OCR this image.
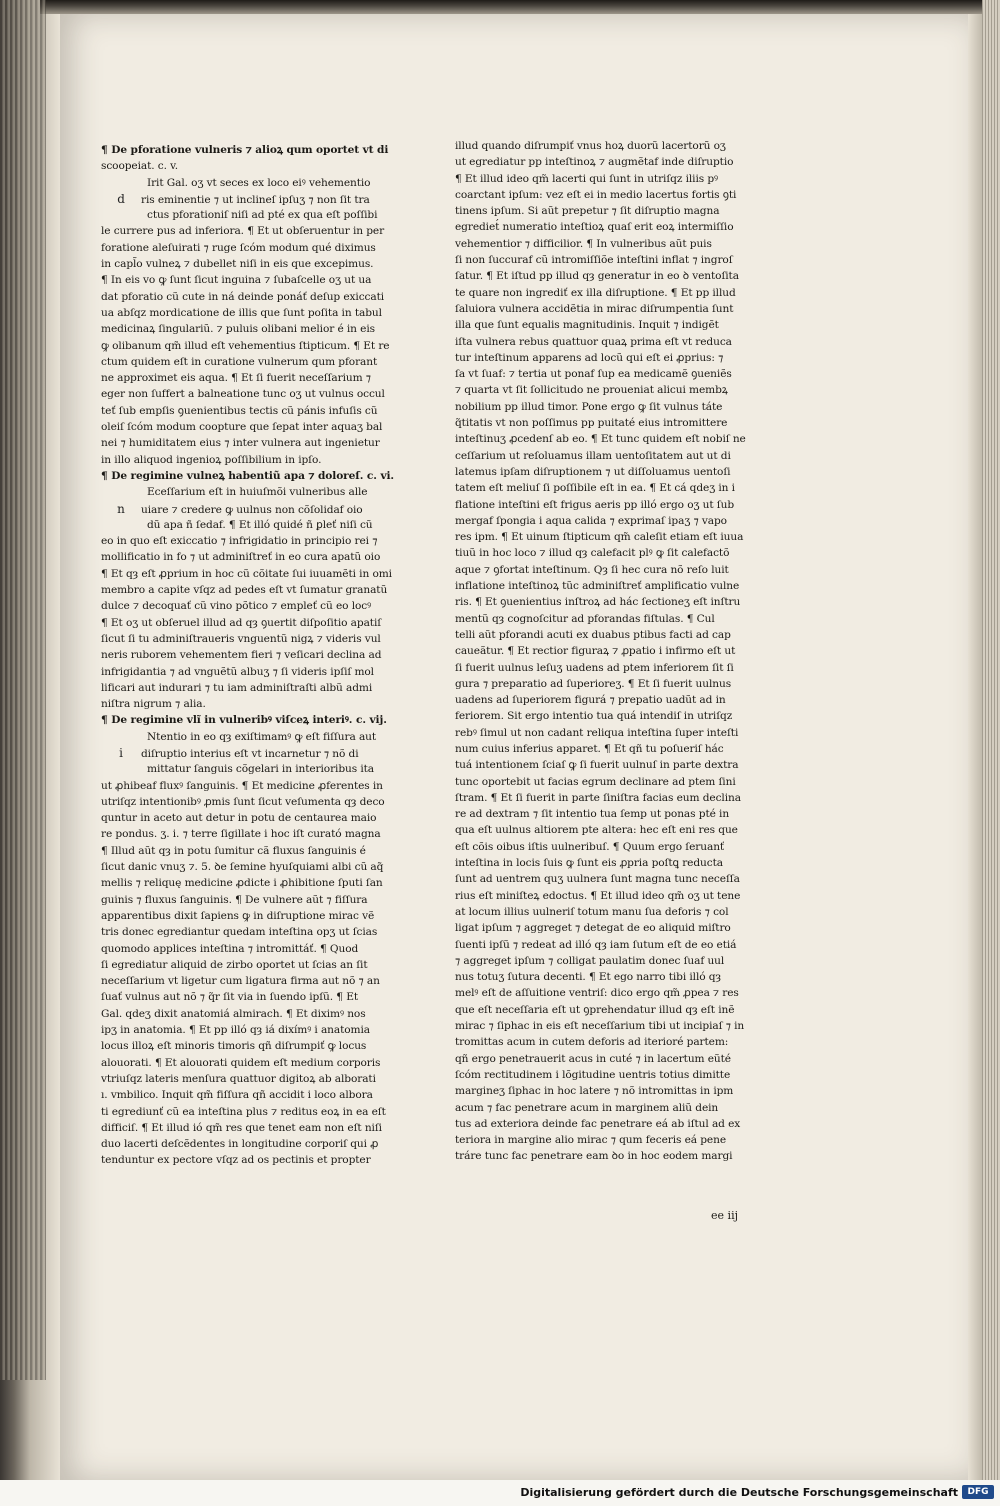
¶ De pforatione vulneris ⁊ alioꝝ qum oportet vt di
scoopeiat. c. v.
Irit Gal. oʒ vt seces ex loco eiꝰ vehementio
d ris eminentie ⁊ ut inclineſ ipſuʒ ⁊ non ſit tra
ctus pforationiſ niſi ad pté ex qua eſt poſſibi
le currere pus ad inferiora. ¶ Et ut obſeruentur in per
foratione aleſuirati ⁊ ruge ſcóm modum qué diximus
in capl̃o vulneꝝ ⁊ dubellet niſi in eis que excepimus.
¶ In eis vo ꝙ ſunt ſicut inguina ⁊ ſubaſcelle oʒ ut ua
dat pforatio cũ cute in ná deinde ponáť deſup exiccati
ua abſqz mordicatione de illis que ſunt poſita in tabul
medicinaꝝ ſingulariũ. ⁊ puluis olibani melior é in eis
ꝙ olibanum qm̃ illud eſt vehementius ſtipticum. ¶ Et re
ctum quidem eſt in curatione vulnerum qum pforant
ne approximet eis aqua. ¶ Et ſi fuerit neceſſarium ⁊
eger non ſuffert a balneatione tunc oʒ ut vulnus occul
teť ſub empſis ꝯuenientibus tectis cũ pánis infuſis cũ
oleiſ ſcóm modum coopture que ſepat inter aquaʒ bal
nei ⁊ humiditatem eius ⁊ inter vulnera aut ingenietur
in illo aliquod ingenioꝝ poſſibilium in ipſo.
¶ De regimine vulneꝝ habentiũ apa ⁊ doloreſ. c. vi.
Eceſſarium eſt in huiuſmõi vulneribus alle
n uiare ⁊ credere ꝙ uulnus non cõſolidaf oio
dũ apa ñ ſedaf. ¶ Et illó quidé ñ ꝑleť niſi cũ
eo in quo eſt exiccatio ⁊ infrigidatio in principio rei ⁊
mollificatio in fo ⁊ ut adminiſtreť in eo cura apatũ oio
¶ Et qȝ eſt ꝓprium in hoc cũ cõitate ſui iuuamẽti in omi
membro a capite vſqz ad pedes eſt vt ſumatur granatũ
dulce ⁊ decoquať cũ vino põtico ⁊ empleť cũ eo locꝰ
¶ Et oʒ ut obſeruel illud ad qȝ ꝯuertit diſpoſitio apatiſ
ſicut ſi tu adminiſtraueris vnguentũ nigꝝ ⁊ videris vul
neris ruborem vehementem fieri ⁊ veſicari declina ad
infrigidantia ⁊ ad vnguẽtũ albuʒ ⁊ ſi videris ipſiſ mol
lificari aut indurari ⁊ tu iam adminiſtraſti albũ admi
niſtra nigrum ⁊ alia.
¶ De regimine vlĩ in vulneribꝰ viſceꝝ interiꝰ. c. vij.
Ntentio in eo qȝ exiſtimamꝰ ꝙ eſt fiſſura aut
i diſruptio interius eſt vt incarnetur ⁊ nõ di
mittatur ſanguis cõgelari in interioribus ita
ut ꝓhibeaf fluxꝰ ſanguinis. ¶ Et medicine ꝓferentes in
utriſqz intentionibꝰ ꝓmis ſunt ſicut veſumenta qȝ deco
quntur in aceto aut detur in potu de centaurea maio
re pondus. ʒ. i. ⁊ terre ſigillate i hoc iſt curató magna
¶ Illud aũt qȝ in potu ſumitur cã fluxus ſanguinis é
ſicut danic vnuʒ ⁊. 5. ꝺe ſemine hyuſquiami albi cũ aq̃
mellis ⁊ reliquę medicine ꝓdicte i ꝓhibitione ſputi ſan
guinis ⁊ fluxus ſanguinis. ¶ De vulnere aũt ⁊ fiſſura
apparentibus dixit ſapiens ꝙ in diſruptione mirac vẽ
tris donec egrediantur quedam inteſtina opʒ ut ſcias
quomodo applices inteſtina ⁊ intromittáť. ¶ Quod
ſi egrediatur aliquid de zirbo oportet ut ſcias an ſit
neceſſarium vt ligetur cum ligatura firma aut nõ ⁊ an
ſuať vulnus aut nõ ⁊ q̃r ſit via in ſuendo ipſũ. ¶ Et
Gal. qdeʒ dixit anatomiá almirach. ¶ Et diximꝰ nos
ipʒ in anatomia. ¶ Et pp illó qȝ iá dixímꝰ i anatomia
locus illoꝝ eſt minoris timoris qñ diſrumpiť ꝙ locus
alouorati. ¶ Et alouorati quidem eſt medium corporis
vtriuſqz lateris menſura quattuor digitoꝝ ab alborati
ı. vmbilico. Inquit qm̃ fiſſura qñ accidit i loco albora
ti egrediunť cũ ea inteſtina plus ⁊ reditus eoꝝ in ea eſt
difficiſ. ¶ Et illud ió qm̃ res que tenet eam non eſt niſi
duo lacerti deſcẽdentes in longitudine corporiſ qui ꝓ
tenduntur ex pectore vſqz ad os pectinis et propter
illud quando diſrumpiť vnus hoꝝ duorũ lacertorũ oʒ
ut egrediatur pp inteſtinoꝝ ⁊ augmẽtaf inde diſruptio
¶ Et illud ideo qm̃ lacerti qui ſunt in utriſqz iliis pꝰ
coarctant ipſum: vez eſt ei in medio lacertus fortis ꝯti
tinens ipſum. Si aũt prepetur ⁊ ſit diſruptio magna
egrediet́ numeratio inteſtioꝝ quaſ erit eoꝝ intermiſſio
vehementior ⁊ difficilior. ¶ In vulneribus aũt puis
ſi non ſuccuraf cũ intromiſſiõe inteſtini inflat ⁊ ingroſ
ſatur. ¶ Et iſtud pp illud qȝ generatur in eo ꝺ ventoſita
te quare non ingrediť ex illa diſruptione. ¶ Et pp illud
ſaluiora vulnera accidẽtia in mirac diſrumpentia ſunt
illa que ſunt equalis magnitudinis. Inquit ⁊ indigẽt
iſta vulnera rebus quattuor quaꝝ prima eſt vt reduca
tur inteſtinum apparens ad locũ qui eſt ei ꝓprius: ⁊
ſa vt ſuaf: ⁊ tertia ut ponaf ſup ea medicamẽ ꝯueniẽs
⁊ quarta vt ſit ſollicitudo ne proueniat alicui membꝝ
nobilium pp illud timor. Pone ergo ꝙ ſit vulnus táte
q̃titatis vt non poſſimus pp puitaté eius intromittere
inteſtinuʒ ꝓcedenſ ab eo. ¶ Et tunc quidem eſt nobiſ ne
ceſſarium ut reſoluamus illam uentoſitatem aut ut di
latemus ipſam diſruptionem ⁊ ut diſſoluamus uentoſi
tatem eſt meliuſ ſi poſſibile eſt in ea. ¶ Et cá qdeʒ in i
flatione inteſtini eſt frigus aeris pp illó ergo oʒ ut ſub
mergaf ſpongia i aqua calida ⁊ exprimaſ ipaʒ ⁊ vapo
res ipm. ¶ Et uinum ſtipticum qm̃ caleſit etiam eſt iuua
tiuũ in hoc loco ⁊ illud qȝ calefacit plꝰ ꝙ ſit calefactõ
aque ⁊ ꝯfortat inteſtinum. Qȝ ſi hec cura nõ reſo luit
inflatione inteſtinoꝝ tũc adminiſtreť amplificatio vulne
ris. ¶ Et ꝯuenientius inſtroꝝ ad hác ſectioneʒ eſt inſtru
mentũ qȝ cognoſcitur ad pforandas fiſtulas. ¶ Cul
telli aũt pforandi acuti ex duabus ptibus facti ad cap
caueãtur. ¶ Et rectior figuraꝝ ⁊ ꝓpatio i infirmo eſt ut
ſi fuerit uulnus leſuʒ uadens ad ptem inferiorem ſit ſi
gura ⁊ preparatio ad ſuperioreʒ. ¶ Et ſi fuerit uulnus
uadens ad ſuperiorem figurá ⁊ prepatio uadũt ad in
feriorem. Sit ergo intentio tua quá intendiſ in utriſqz
rebꝰ ſimul ut non cadant reliqua inteſtina ſuper inteſti
num cuius inferius apparet. ¶ Et qñ tu poſueriſ hác
tuá intentionem ſciaſ ꝙ ſi fuerit uulnuſ in parte dextra
tunc oportebit ut facias egrum declinare ad ptem ſini
ſtram. ¶ Et ſi fuerit in parte ſiniſtra facias eum declina
re ad dextram ⁊ ſit intentio tua ſemp ut ponas pté in
qua eſt uulnus altiorem pte altera: hec eſt eni res que
eſt cõis oibus iſtis uulneribuſ. ¶ Quum ergo ſeruanť
inteſtina in locis ſuis ꝙ ſunt eis ꝓpria poſtꝗ reducta
ſunt ad uentrem quʒ uulnera ſunt magna tunc neceſſa
rius eſt miniſteꝝ edoctus. ¶ Et illud ideo qm̃ oʒ ut tene
at locum illius uulneriſ totum manu ſua deforis ⁊ col
ligat ipſum ⁊ aggreget ⁊ detegat de eo aliquid miſtro
ſuenti ipſũ ⁊ redeat ad illó qȝ iam ſutum eſt de eo etiá
⁊ aggreget ipſum ⁊ colligat paulatim donec ſuaf uul
nus totuʒ ſutura decenti. ¶ Et ego narro tibi illó qȝ
melꝰ eſt de aſſuitione ventriſ: dico ergo qm̃ ꝓpea ⁊ res
que eſt neceſſaria eſt ut ꝯprehendatur illud qȝ eſt inẽ
mirac ⁊ ſiphac in eis eſt neceſſarium tibi ut incipiaſ ⁊ in
tromittas acum in cutem deforis ad iterioré partem:
qñ ergo penetrauerit acus in cuté ⁊ in lacertum eũté
ſcóm rectitudinem i lõgitudine uentris totius dimitte
margineʒ ſiphac in hoc latere ⁊ nõ intromittas in ipm
acum ⁊ fac penetrare acum in marginem aliũ dein
tus ad exteriora deinde fac penetrare eá ab iſtul ad ex
teriora in margine alio mirac ⁊ qum feceris eá pene
tráre tunc fac penetrare eam ꝺo in hoc eodem margi
ee iij
Digitalisierung gefördert durch die Deutsche Forschungsgemeinschaft	DFG
